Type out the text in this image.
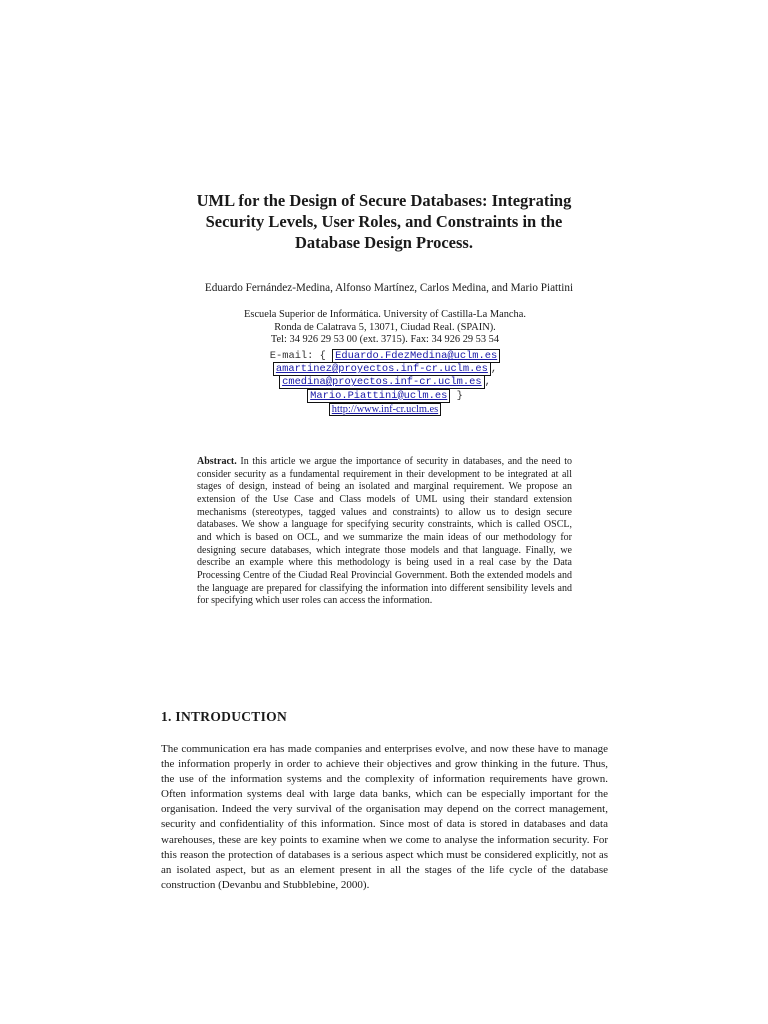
UML for the Design of Secure Databases: Integrating
Security Levels, User Roles, and Constraints in the
Database Design Process.

Eduardo Fernández-Medina, Alfonso Martínez, Carlos Medina, and Mario Piattini

Escuela Superior de Informática. University of Castilla-La Mancha.
Ronda de Calatrava 5, 13071, Ciudad Real. (SPAIN).
Tel: 34 926 29 53 00 (ext. 3715). Fax: 34 926 29 53 54
E-mail: { Eduardo.FdezMedina@uclm.es
amartinez@proyectos.inf-cr.uclm.es ,
cmedina@proyectos.inf-cr.uclm.es ,
Mario.Piattini@uclm.es }
http://www.inf-cr.uclm.es

Abstract. In this article we argue the importance of security in databases, and the need to consider security as a fundamental requirement in their development to be integrated at all stages of design, instead of being an isolated and marginal requirement. We propose an extension of the Use Case and Class models of UML using their standard extension mechanisms (stereotypes, tagged values and constraints) to allow us to design secure databases. We show a language for specifying security constraints, which is called OSCL, and which is based on OCL, and we summarize the main ideas of our methodology for designing secure databases, which integrate those models and that language. Finally, we describe an example where this methodology is being used in a real case by the Data Processing Centre of the Ciudad Real Provincial Government. Both the extended models and the language are prepared for classifying the information into different sensibility levels and for specifying which user roles can access the information.

1. INTRODUCTION

The communication era has made companies and enterprises evolve, and now these have to manage the information properly in order to achieve their objectives and grow thinking in the future. Thus, the use of the information systems and the complexity of information requirements have grown. Often information systems deal with large data banks, which can be especially important for the organisation. Indeed the very survival of the organisation may depend on the correct management, security and confidentiality of this information. Since most of data is stored in databases and data warehouses, these are key points to examine when we come to analyse the information security. For this reason the protection of databases is a serious aspect which must be considered explicitly, not as an isolated aspect, but as an element present in all the stages of the life cycle of the database construction (Devanbu and Stubblebine, 2000).
